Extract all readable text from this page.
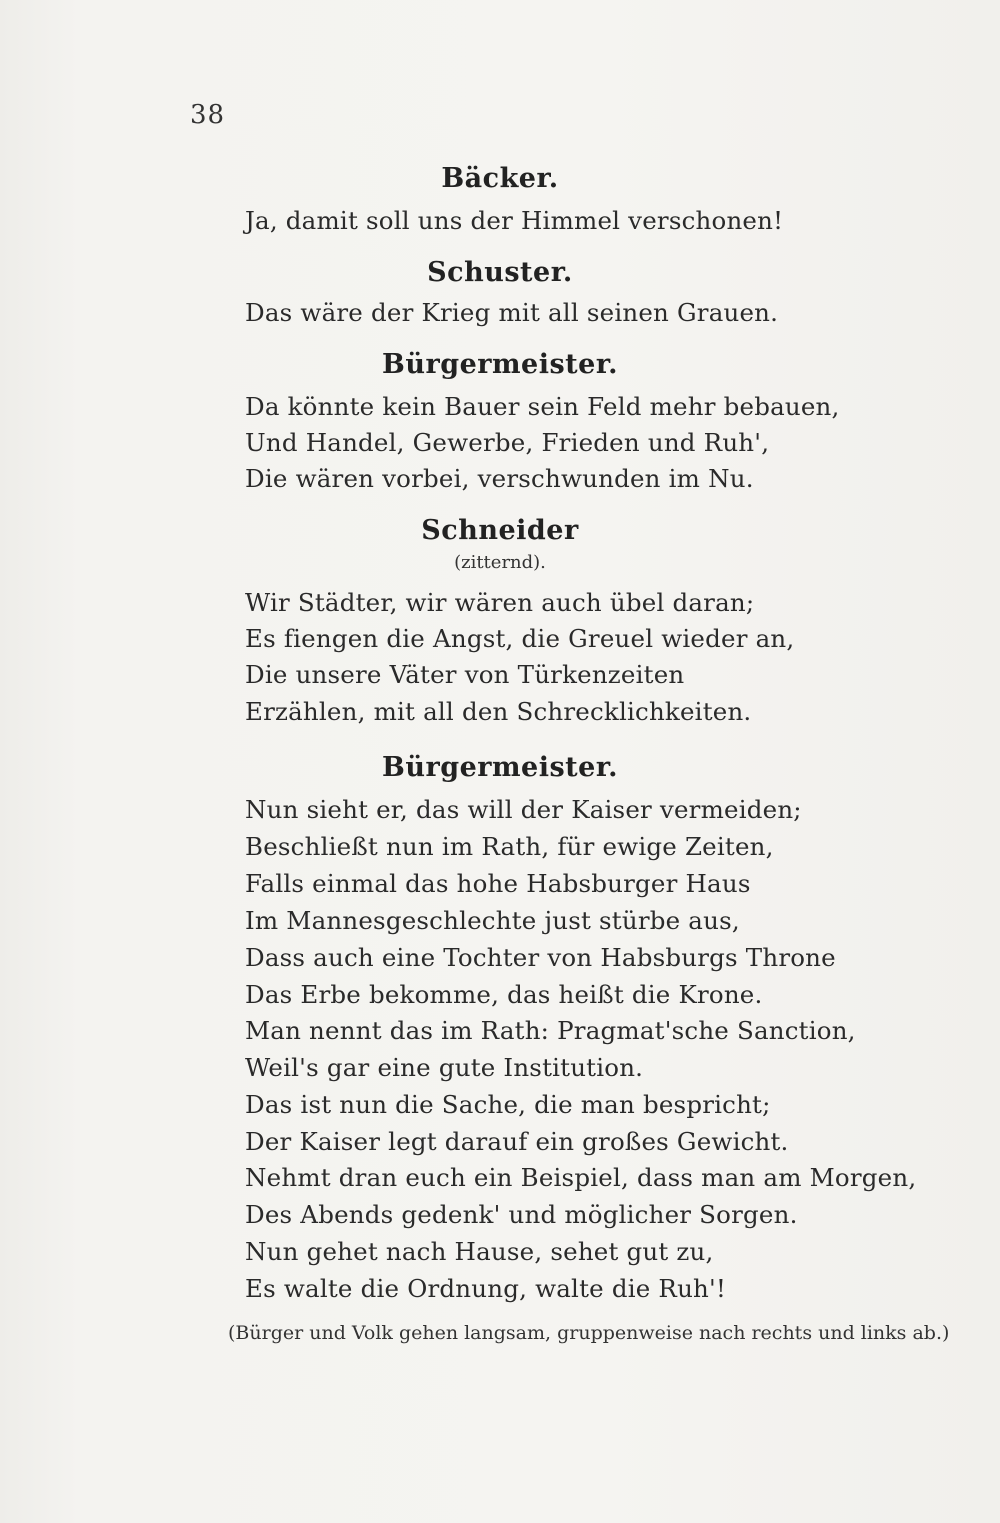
38
Bäcker.
Ja, damit soll uns der Himmel verschonen!
Schuster.
Das wäre der Krieg mit all seinen Grauen.
Bürgermeister.
Da könnte kein Bauer sein Feld mehr bebauen,
Und Handel, Gewerbe, Frieden und Ruh',
Die wären vorbei, verschwunden im Nu.
Schneider
(zitternd).
Wir Städter, wir wären auch übel daran;
Es fiengen die Angst, die Greuel wieder an,
Die unsere Väter von Türkenzeiten
Erzählen, mit all den Schrecklichkeiten.
Bürgermeister.
Nun sieht er, das will der Kaiser vermeiden;
Beschließt nun im Rath, für ewige Zeiten,
Falls einmal das hohe Habsburger Haus
Im Mannesgeschlechte just stürbe aus,
Dass auch eine Tochter von Habsburgs Throne
Das Erbe bekomme, das heißt die Krone.
Man nennt das im Rath: Pragmat'sche Sanction,
Weil's gar eine gute Institution.
Das ist nun die Sache, die man bespricht;
Der Kaiser legt darauf ein großes Gewicht.
Nehmt dran euch ein Beispiel, dass man am Morgen,
Des Abends gedenk' und möglicher Sorgen.
Nun gehet nach Hause, sehet gut zu,
Es walte die Ordnung, walte die Ruh'!
(Bürger und Volk gehen langsam, gruppenweise nach rechts und links ab.)
